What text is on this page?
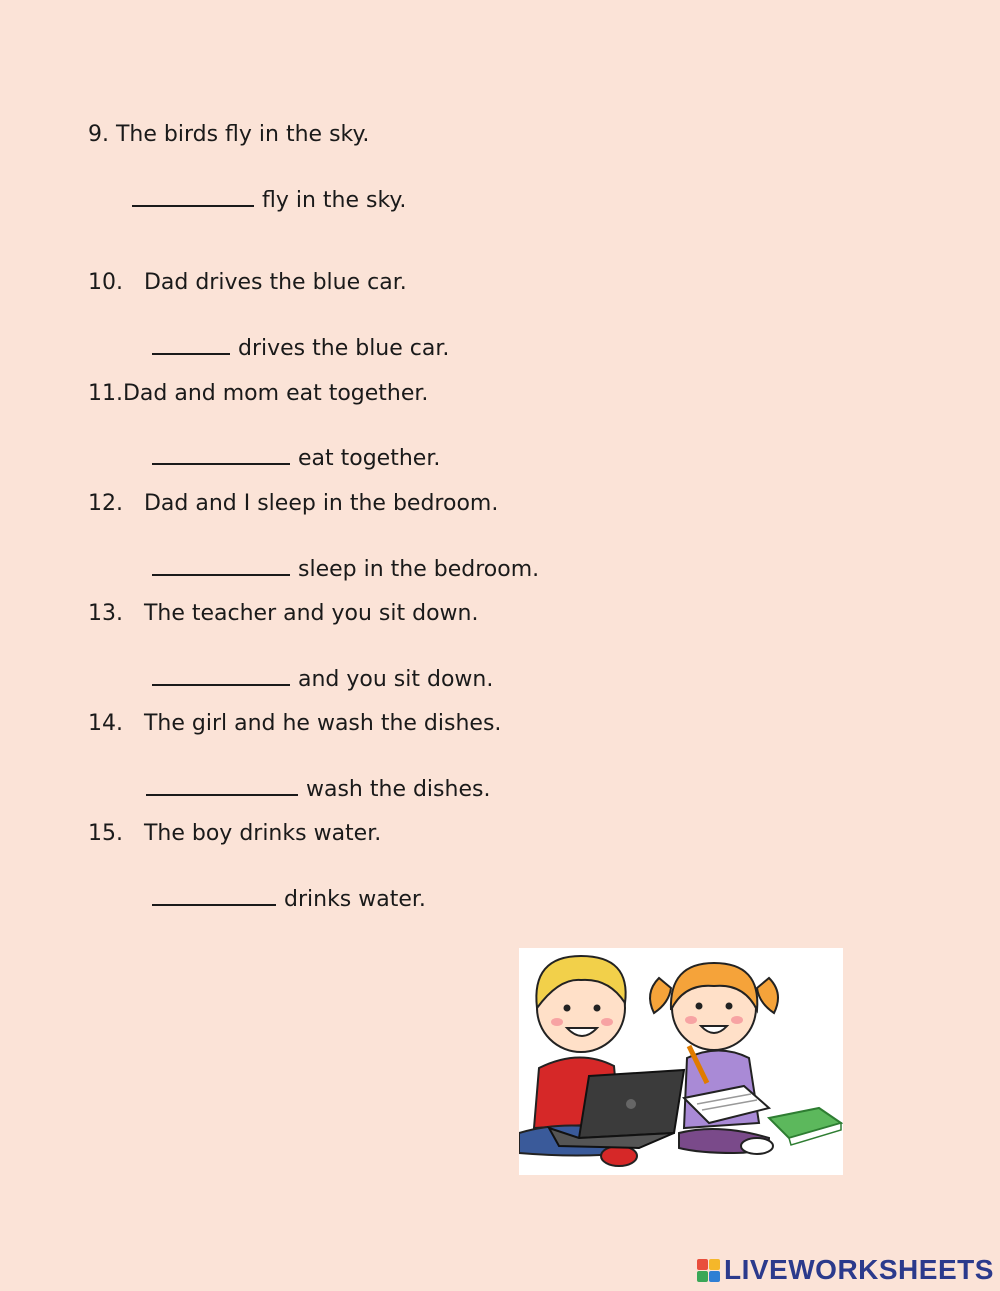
9. The birds fly in the sky.

fly in the sky.

10.   Dad drives the blue car.

drives the blue car.

11.Dad and mom eat together.

eat together.

12.   Dad and I sleep in the bedroom.

sleep in the bedroom.

13.   The teacher and you sit down.

and you sit down.

14.   The girl and he wash the dishes.

wash the dishes.

15.   The boy drinks water.

drinks water.

LIVEWORKSHEETS
